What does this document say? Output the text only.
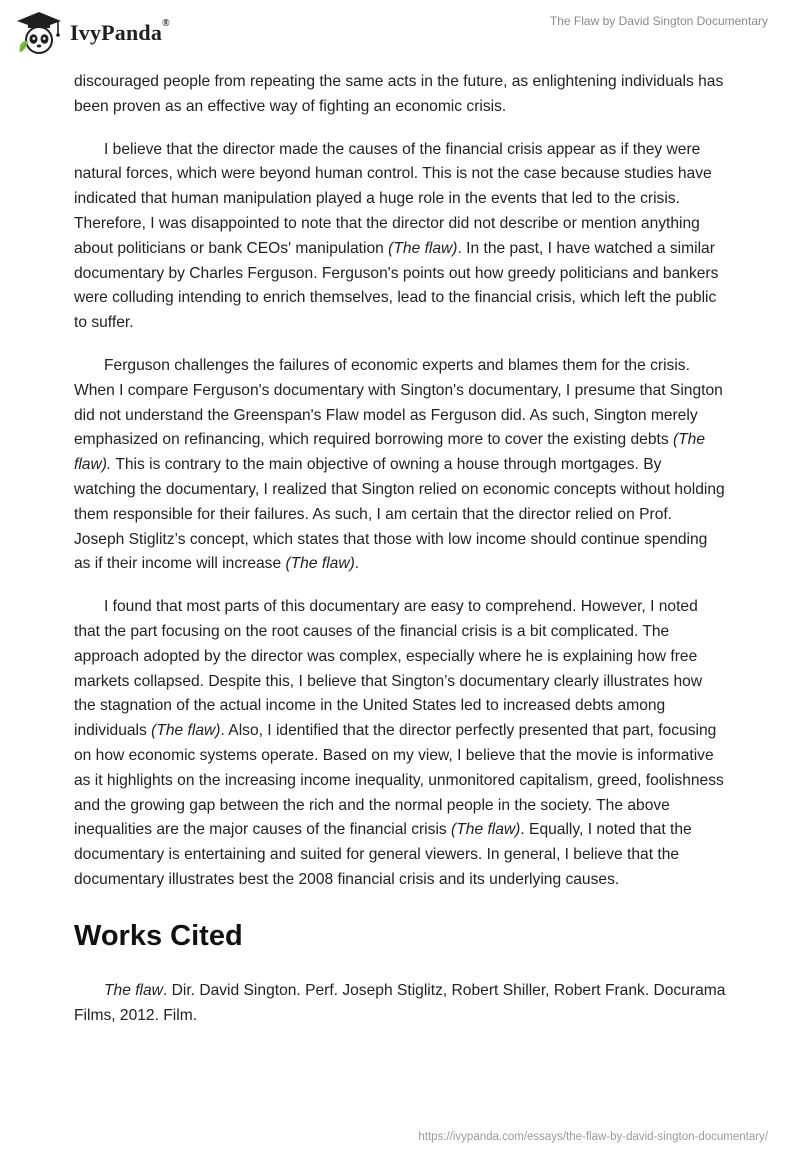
IvyPanda®	The Flaw by David Sington Documentary

discouraged people from repeating the same acts in the future, as enlightening individuals has been proven as an effective way of fighting an economic crisis.

I believe that the director made the causes of the financial crisis appear as if they were natural forces, which were beyond human control. This is not the case because studies have indicated that human manipulation played a huge role in the events that led to the crisis. Therefore, I was disappointed to note that the director did not describe or mention anything about politicians or bank CEOs' manipulation (The flaw). In the past, I have watched a similar documentary by Charles Ferguson. Ferguson's points out how greedy politicians and bankers were colluding intending to enrich themselves, lead to the financial crisis, which left the public to suffer.

Ferguson challenges the failures of economic experts and blames them for the crisis. When I compare Ferguson's documentary with Sington's documentary, I presume that Sington did not understand the Greenspan's Flaw model as Ferguson did. As such, Sington merely emphasized on refinancing, which required borrowing more to cover the existing debts (The flaw). This is contrary to the main objective of owning a house through mortgages. By watching the documentary, I realized that Sington relied on economic concepts without holding them responsible for their failures. As such, I am certain that the director relied on Prof. Joseph Stiglitz’s concept, which states that those with low income should continue spending as if their income will increase (The flaw).

I found that most parts of this documentary are easy to comprehend. However, I noted that the part focusing on the root causes of the financial crisis is a bit complicated. The approach adopted by the director was complex, especially where he is explaining how free markets collapsed. Despite this, I believe that Sington’s documentary clearly illustrates how the stagnation of the actual income in the United States led to increased debts among individuals (The flaw). Also, I identified that the director perfectly presented that part, focusing on how economic systems operate. Based on my view, I believe that the movie is informative as it highlights on the increasing income inequality, unmonitored capitalism, greed, foolishness and the growing gap between the rich and the normal people in the society. The above inequalities are the major causes of the financial crisis (The flaw). Equally, I noted that the documentary is entertaining and suited for general viewers. In general, I believe that the documentary illustrates best the 2008 financial crisis and its underlying causes.

Works Cited

The flaw. Dir. David Sington. Perf. Joseph Stiglitz, Robert Shiller, Robert Frank. Docurama Films, 2012. Film.

https://ivypanda.com/essays/the-flaw-by-david-sington-documentary/
